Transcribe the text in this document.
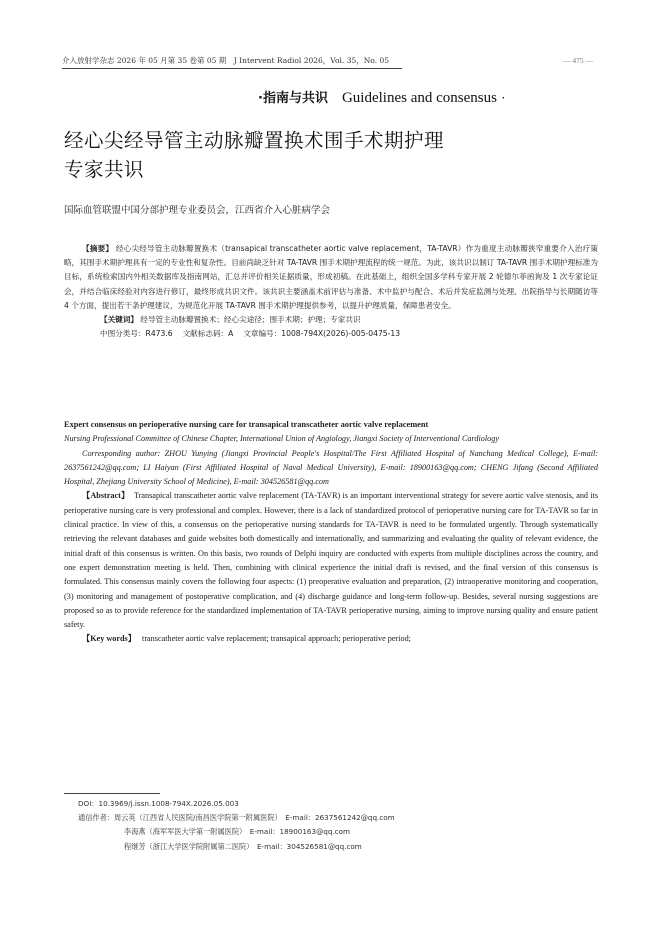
介入放射学杂志 2026 年 05 月第 35 卷第 05 期　J Intervent Radiol 2026，Vol. 35，No. 05	— 475 —
·指南与共识 Guidelines and consensus ·
经心尖经导管主动脉瓣置换术围手术期护理
专家共识
国际血管联盟中国分部护理专业委员会，江西省介入心脏病学会

【摘要】 经心尖经导管主动脉瓣置换术（transapical transcatheter aortic valve replacement，TA-TAVR）作为重度主动脉瓣狭窄重要介入治疗策略，其围手术期护理具有一定的专业性和复杂性。目前尚缺乏针对 TA-TAVR 围手术期护理流程的统一规范。为此，该共识以制订 TA-TAVR 围手术期护理标准为目标，系统检索国内外相关数据库及指南网站，汇总并评价相关证据质量，形成初稿。在此基础上，组织全国多学科专家开展 2 轮德尔菲函询及 1 次专家论证会，并结合临床经验对内容进行修订，最终形成共识文件。该共识主要涵盖术前评估与准备、术中监护与配合、术后并发症监测与处理、出院指导与长期随访等 4 个方面，提出若干条护理建议，为规范化开展 TA-TAVR 围手术期护理提供参考，以提升护理质量，保障患者安全。

【关键词】 经导管主动脉瓣置换术；经心尖途径；围手术期；护理；专家共识

中图分类号：R473.6 文献标志码：A 文章编号：1008-794X(2026)-005-0475-13

Expert consensus on perioperative nursing care for transapical transcatheter aortic valve replacement

Nursing Professional Committee of Chinese Chapter, International Union of Angiology, Jiangxi Society of Interventional Cardiology

Corresponding author: ZHOU Yunying (Jiangxi Provincial People's Hospital/The First Affiliated Hospital of Nanchang Medical College), E-mail: 2637561242@qq.com; LI Haiyan (First Affiliated Hospital of Naval Medical University), E-mail: 18900163@qq.com; CHENG Jifang (Second Affiliated Hospital, Zhejiang University School of Medicine), E-mail: 304526581@qq.com

【Abstract】 Transapical transcatheter aortic valve replacement (TA-TAVR) is an important interventional strategy for severe aortic valve stenosis, and its perioperative nursing care is very professional and complex. However, there is a lack of standardized protocol of perioperative nursing care for TA-TAVR so far in clinical practice. In view of this, a consensus on the perioperative nursing standards for TA-TAVR is need to be formulated urgently. Through systematically retrieving the relevant databases and guide websites both domestically and internationally, and summarizing and evaluating the quality of relevant evidence, the initial draft of this consensus is written. On this basis, two rounds of Delphi inquiry are conducted with experts from multiple disciplines across the country, and one expert demonstration meeting is held. Then, combining with clinical experience the initial draft is revised, and the final version of this consensus is formulated. This consensus mainly covers the following four aspects: (1) preoperative evaluation and preparation, (2) intraoperative monitoring and cooperation, (3) monitoring and management of postoperative complication, and (4) discharge guidance and long-term follow-up. Besides, several nursing suggestions are proposed so as to provide reference for the standardized implementation of TA-TAVR perioperative nursing, aiming to improve nursing quality and ensure patient safety.

【Key words】 transcatheter aortic valve replacement; transapical approach; perioperative period;

DOI：10.3969/j.issn.1008-794X.2026.05.003

通信作者：周云英（江西省人民医院/南昌医学院第一附属医院）　E-mail：2637561242@qq.com

李海燕（海军军医大学第一附属医院）　E-mail：18900163@qq.com

程继芳（浙江大学医学院附属第二医院）　E-mail：304526581@qq.com
